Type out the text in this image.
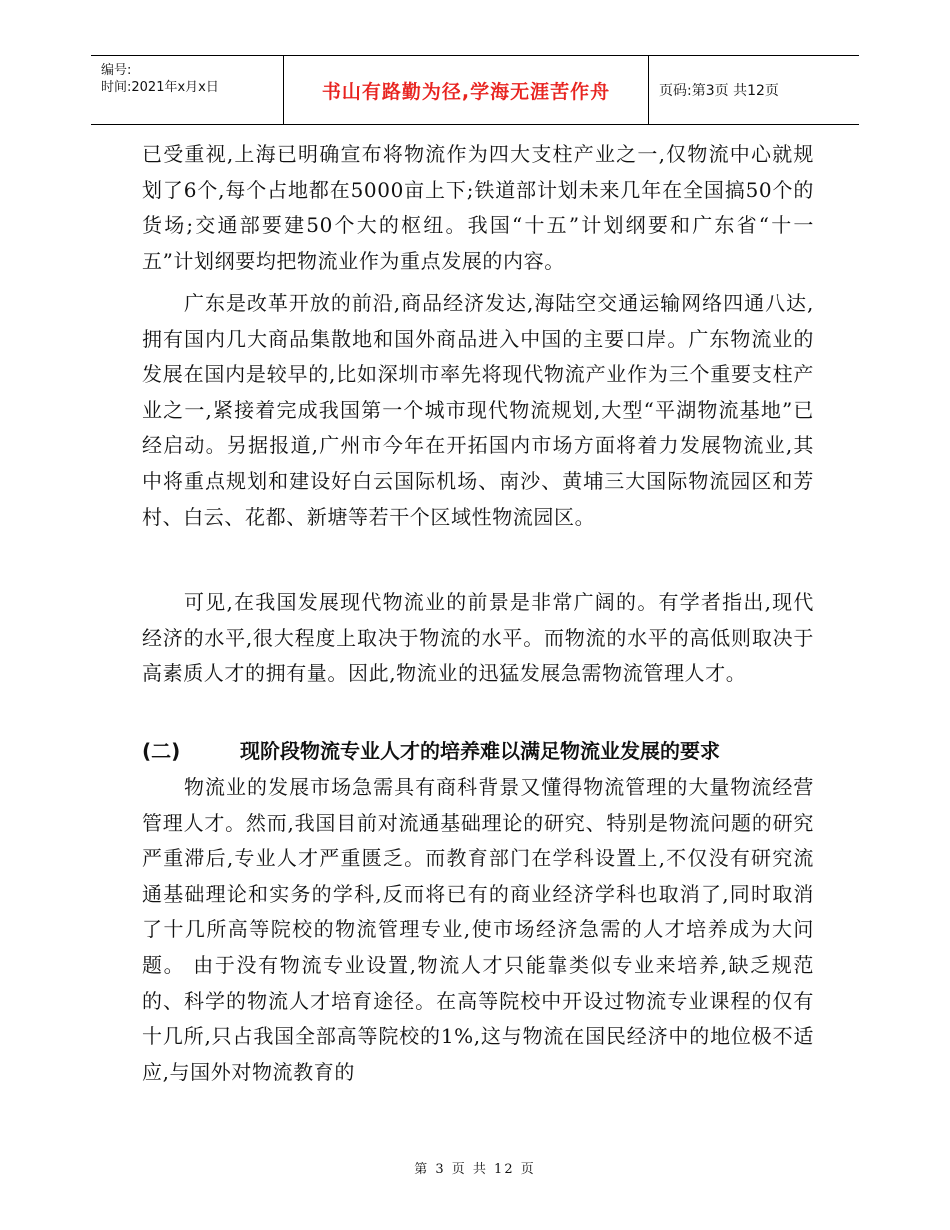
编号:
时间:2021年x月x日	书山有路勤为径,学海无涯苦作舟	页码:第3页 共12页

已受重视,上海已明确宣布将物流作为四大支柱产业之一,仅物流中心就规划了6个,每个占地都在5000亩上下;铁道部计划未来几年在全国搞50个的货场;交通部要建50个大的枢纽。我国“十五”计划纲要和广东省“十一五”计划纲要均把物流业作为重点发展的内容。

广东是改革开放的前沿,商品经济发达,海陆空交通运输网络四通八达,拥有国内几大商品集散地和国外商品进入中国的主要口岸。广东物流业的发展在国内是较早的,比如深圳市率先将现代物流产业作为三个重要支柱产业之一,紧接着完成我国第一个城市现代物流规划,大型“平湖物流基地”已经启动。另据报道,广州市今年在开拓国内市场方面将着力发展物流业,其中将重点规划和建设好白云国际机场、南沙、黄埔三大国际物流园区和芳村、白云、花都、新塘等若干个区域性物流园区。

可见,在我国发展现代物流业的前景是非常广阔的。有学者指出,现代经济的水平,很大程度上取决于物流的水平。而物流的水平的高低则取决于高素质人才的拥有量。因此,物流业的迅猛发展急需物流管理人才。

(二)	现阶段物流专业人才的培养难以满足物流业发展的要求

物流业的发展市场急需具有商科背景又懂得物流管理的大量物流经营管理人才。然而,我国目前对流通基础理论的研究、特别是物流问题的研究严重滞后,专业人才严重匮乏。而教育部门在学科设置上,不仅没有研究流通基础理论和实务的学科,反而将已有的商业经济学科也取消了,同时取消了十几所高等院校的物流管理专业,使市场经济急需的人才培养成为大问题。 由于没有物流专业设置,物流人才只能靠类似专业来培养,缺乏规范的、科学的物流人才培育途径。在高等院校中开设过物流专业课程的仅有十几所,只占我国全部高等院校的1%,这与物流在国民经济中的地位极不适应,与国外对物流教育的

第 3 页 共 12 页
